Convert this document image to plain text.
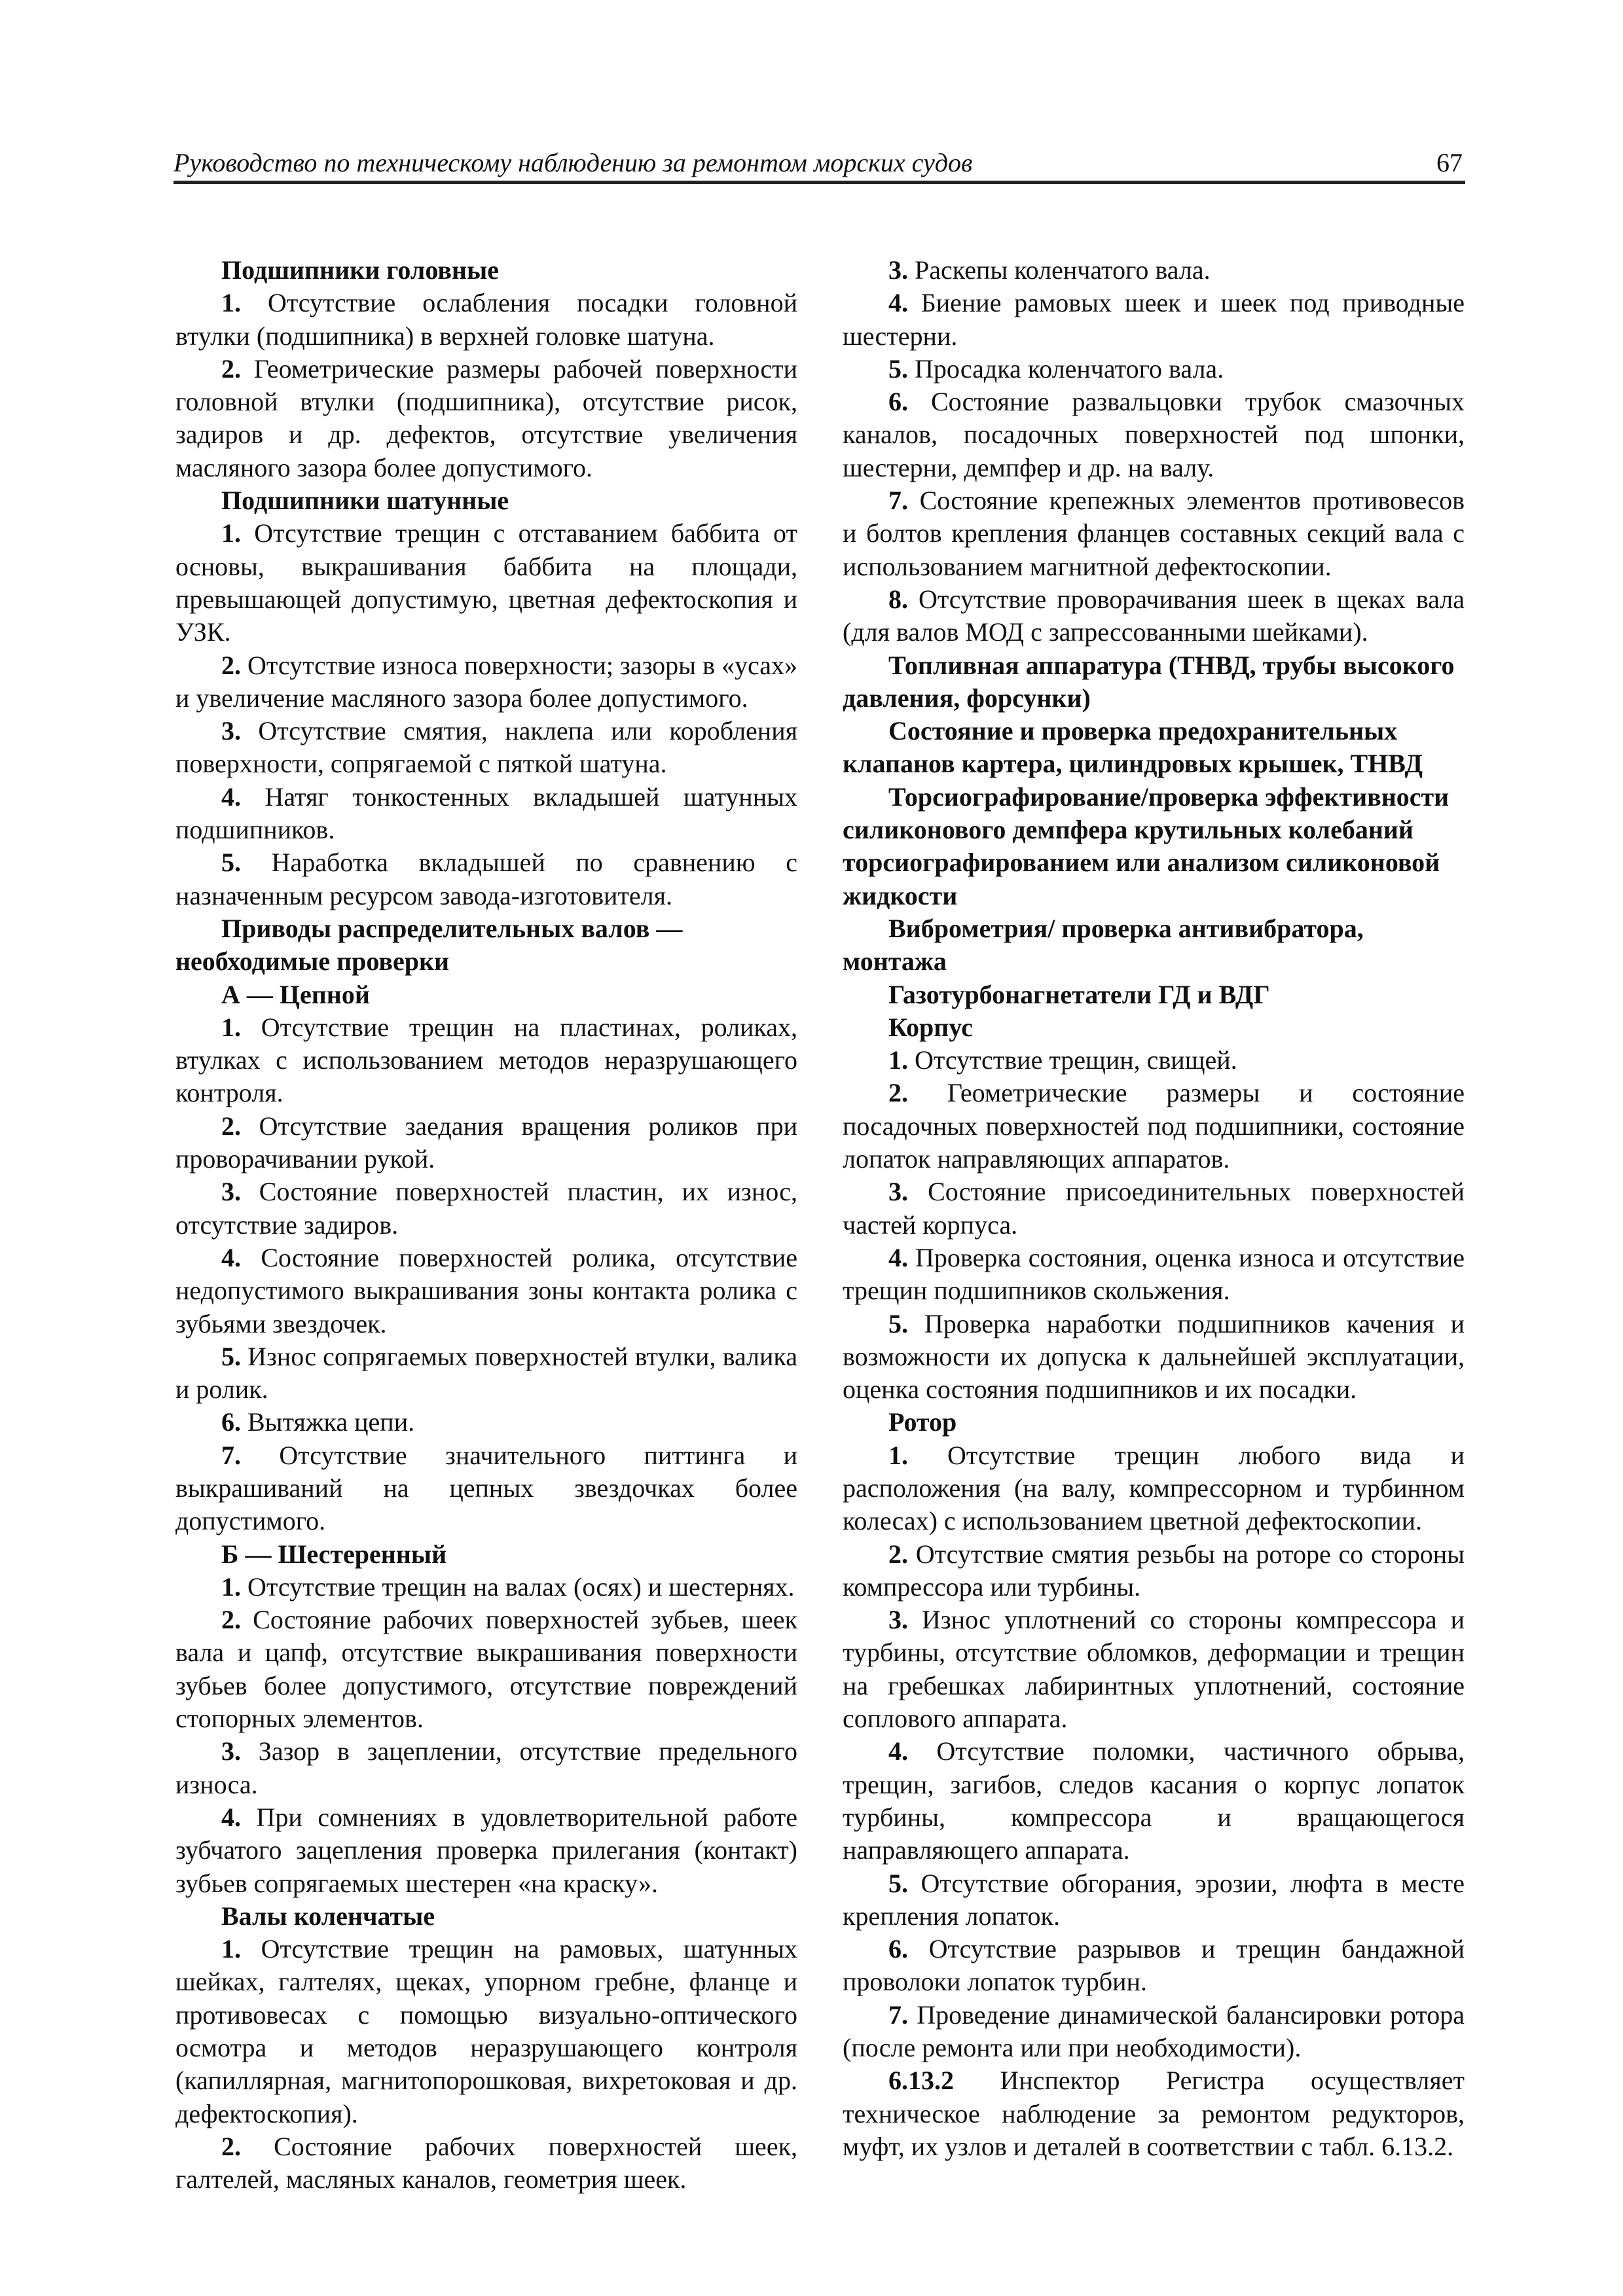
Руководство по техническому наблюдению за ремонтом морских судов	67

Подшипники головные

1. Отсутствие ослабления посадки головной втулки (подшипника) в верхней головке шатуна.

2. Геометрические размеры рабочей поверхности головной втулки (подшипника), отсутствие рисок, задиров и др. дефектов, отсутствие увеличения масляного зазора более допустимого.

Подшипники шатунные

1. Отсутствие трещин с отставанием баббита от основы, выкрашивания баббита на площади, превышающей допустимую, цветная дефектоскопия и УЗК.

2. Отсутствие износа поверхности; зазоры в «усах» и увеличение масляного зазора более допустимого.

3. Отсутствие смятия, наклепа или коробления поверхности, сопрягаемой с пяткой шатуна.

4. Натяг тонкостенных вкладышей шатунных подшипников.

5. Наработка вкладышей по сравнению с назначенным ресурсом завода-изготовителя.

Приводы распределительных валов — необходимые проверки

А — Цепной

1. Отсутствие трещин на пластинах, роликах, втулках с использованием методов неразрушающего контроля.

2. Отсутствие заедания вращения роликов при проворачивании рукой.

3. Состояние поверхностей пластин, их износ, отсутствие задиров.

4. Состояние поверхностей ролика, отсутствие недопустимого выкрашивания зоны контакта ролика с зубьями звездочек.

5. Износ сопрягаемых поверхностей втулки, валика и ролик.

6. Вытяжка цепи.

7. Отсутствие значительного питтинга и выкрашиваний на цепных звездочках более допустимого.

Б — Шестеренный

1. Отсутствие трещин на валах (осях) и шестернях.

2. Состояние рабочих поверхностей зубьев, шеек вала и цапф, отсутствие выкрашивания поверхности зубьев более допустимого, отсутствие повреждений стопорных элементов.

3. Зазор в зацеплении, отсутствие предельного износа.

4. При сомнениях в удовлетворительной работе зубчатого зацепления проверка прилегания (контакт) зубьев сопрягаемых шестерен «на краску».

Валы коленчатые

1. Отсутствие трещин на рамовых, шатунных шейках, галтелях, щеках, упорном гребне, фланце и противовесах с помощью визуально-оптического осмотра и методов неразрушающего контроля (капиллярная, магнитопорошковая, вихретоковая и др. дефектоскопия).

2. Состояние рабочих поверхностей шеек, галтелей, масляных каналов, геометрия шеек.

3. Раскепы коленчатого вала.

4. Биение рамовых шеек и шеек под приводные шестерни.

5. Просадка коленчатого вала.

6. Состояние развальцовки трубок смазочных каналов, посадочных поверхностей под шпонки, шестерни, демпфер и др. на валу.

7. Состояние крепежных элементов противовесов и болтов крепления фланцев составных секций вала с использованием магнитной дефектоскопии.

8. Отсутствие проворачивания шеек в щеках вала (для валов МОД с запрессованными шейками).

Топливная аппаратура (ТНВД, трубы высокого давления, форсунки)

Состояние и проверка предохранительных клапанов картера, цилиндровых крышек, ТНВД

Торсиографирование/проверка эффективности силиконового демпфера крутильных колебаний торсиографированием или анализом силиконовой жидкости

Виброметрия/ проверка антивибратора, монтажа

Газотурбонагнетатели ГД и ВДГ

Корпус

1. Отсутствие трещин, свищей.

2. Геометрические размеры и состояние посадочных поверхностей под подшипники, состояние лопаток направляющих аппаратов.

3. Состояние присоединительных поверхностей частей корпуса.

4. Проверка состояния, оценка износа и отсутствие трещин подшипников скольжения.

5. Проверка наработки подшипников качения и возможности их допуска к дальнейшей эксплуатации, оценка состояния подшипников и их посадки.

Ротор

1. Отсутствие трещин любого вида и расположения (на валу, компрессорном и турбинном колесах) с использованием цветной дефектоскопии.

2. Отсутствие смятия резьбы на роторе со стороны компрессора или турбины.

3. Износ уплотнений со стороны компрессора и турбины, отсутствие обломков, деформации и трещин на гребешках лабиринтных уплотнений, состояние соплового аппарата.

4. Отсутствие поломки, частичного обрыва, трещин, загибов, следов касания о корпус лопаток турбины, компрессора и вращающегося направляющего аппарата.

5. Отсутствие обгорания, эрозии, люфта в месте крепления лопаток.

6. Отсутствие разрывов и трещин бандажной проволоки лопаток турбин.

7. Проведение динамической балансировки ротора (после ремонта или при необходимости).

6.13.2 Инспектор Регистра осуществляет техническое наблюдение за ремонтом редукторов, муфт, их узлов и деталей в соответствии с табл. 6.13.2.
